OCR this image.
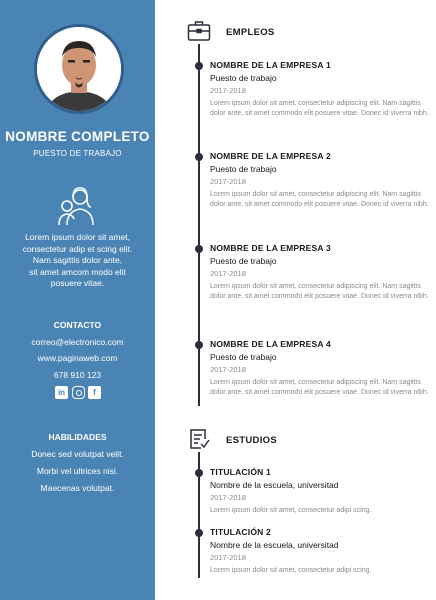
NOMBRE COMPLETO
PUESTO DE TRABAJO
Lorem ipsum dolor sit amet,
consectetur adip et scing elit.
Nam sagittis dolor ante,
sit amet amcom modo elit
posuere vitae.
CONTACTO
correo@electronico.com
www.paginaweb.com
678 910 123
in	f
HABILIDADES
Donec sed volutpat velit.
Morbi vel ultrices nisi.
Maecenas volutpat.
EMPLEOS
NOMBRE DE LA EMPRESA 1
Puesto de trabajo
2017-2018
Lorem ipsum dolor sit amet, consectetur adipiscing elit. Nam sagittis dolor ante, sit amet commodo elit posuere vitae. Donec id viverra nibh.
NOMBRE DE LA EMPRESA 2
Puesto de trabajo
2017-2018
Lorem ipsum dolor sit amet, consectetur adipiscing elit. Nam sagittis dolor ante, sit amet commodo elit posuere vitae. Donec id viverra nibh.
NOMBRE DE LA EMPRESA 3
Puesto de trabajo
2017-2018
Lorem ipsum dolor sit amet, consectetur adipiscing elit. Nam sagittis dolor ante, sit amet commodo elit posuere vitae. Donec id viverra nibh.
NOMBRE DE LA EMPRESA 4
Puesto de trabajo
2017-2018
Lorem ipsum dolor sit amet, consectetur adipiscing elit. Nam sagittis dolor ante, sit amet commodo elit posuere vitae. Donec id viverra nibh.
ESTUDIOS
TITULACIÓN 1
Nombre de la escuela, universitad
2017-2018
Lorem ipsum dolor sit amet, consectetur adipi scing.
TITULACIÓN 2
Nombre de la escuela, universitad
2017-2018
Lorem ipsum dolor sit amet, consectetur adipi scing.
